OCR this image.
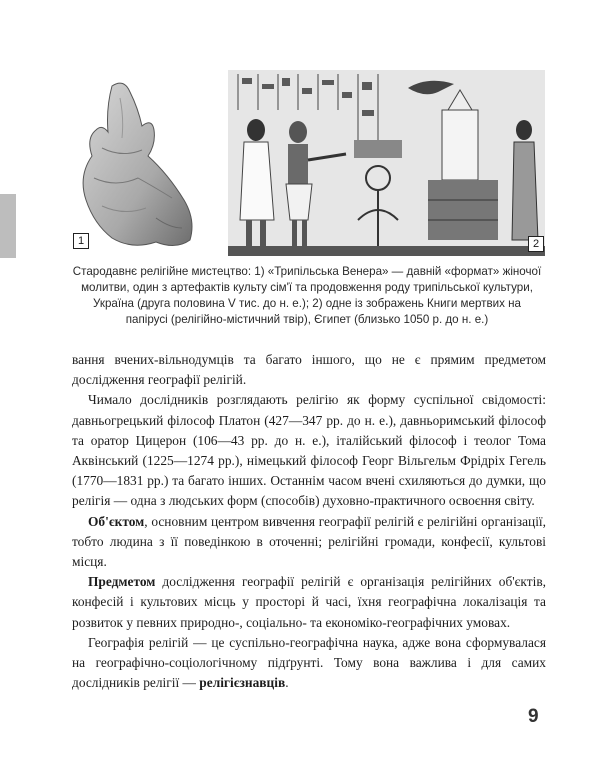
1	2
Стародавнє релігійне мистецтво: 1) «Трипільська Венера» — давній «формат» жіночої молитви, один з артефактів культу сім'ї та продовження роду трипільської культури, Україна (друга половина V тис. до н. е.); 2) одне із зображень Книги мертвих на папірусі (релігійно-містичний твір), Єгипет (близько 1050 р. до н. е.)

вання вчених-вільнодумців та багато іншого, що не є прямим предметом дослідження географії релігій.

Чимало дослідників розглядають релігію як форму суспільної свідомості: давньогрецький філософ Платон (427—347 рр. до н. е.), давньоримський філософ та оратор Цицерон (106—43 рр. до н. е.), італійський філософ і теолог Тома Аквінський (1225—1274 рр.), німецький філософ Георг Вільгельм Фрідріх Гегель (1770—1831 рр.) та багато інших. Останнім часом вчені схиляються до думки, що релігія — одна з людських форм (способів) духовно-практичного освоєння світу.

Об'єктом, основним центром вивчення географії релігій є релігійні організації, тобто людина з її поведінкою в оточенні; релігійні громади, конфесії, культові місця.

Предметом дослідження географії релігій є організація релігійних об'єктів, конфесій і культових місць у просторі й часі, їхня географічна локалізація та розвиток у певних природно-, соціально- та економіко-географічних умовах.

Географія релігій — це суспільно-географічна наука, адже вона сформувалася на географічно-соціологічному підґрунті. Тому вона важлива і для самих дослідників релігії — релігієзнавців.

9
